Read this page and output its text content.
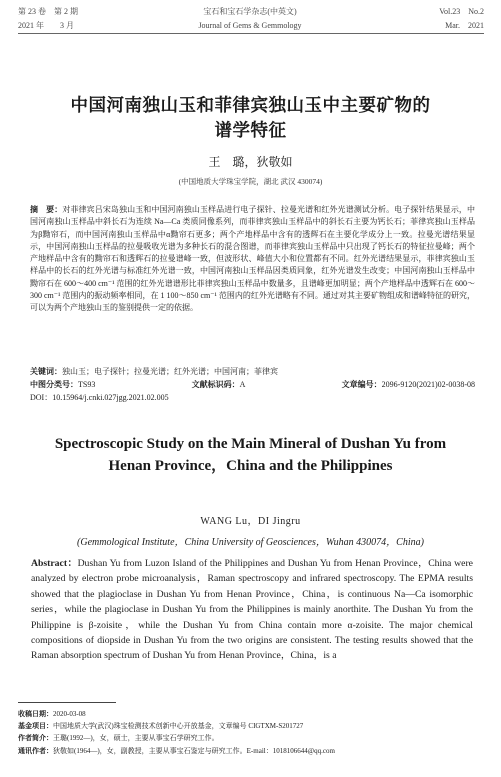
第 23 卷　第 2 期
2021 年　　3 月
宝石和宝石学杂志(中英文)
Journal of Gems & Gemmology
Vol.23　No.2
Mar.　2021
中国河南独山玉和菲律宾独山玉中主要矿物的
谱学特征
王　璐，狄敬如
(中国地质大学珠宝学院，湖北 武汉 430074)
摘　要：对菲律宾吕宋岛独山玉和中国河南独山玉样品进行电子探针、拉曼光谱和红外光谱测试分析。电子探针结果显示，中国河南独山玉样品中斜长石为连续 Na—Ca 类质同像系列，而菲律宾独山玉样品中的斜长石主要为钙长石；菲律宾独山玉样品为β黝帘石，而中国河南独山玉样品中α黝帘石更多；两个产地样品中含有的透辉石在主要化学成分上一致。拉曼光谱结果显示，中国河南独山玉样品的拉曼吸收光谱为多种长石的混合图谱，而菲律宾独山玉样品中只出现了钙长石的特征拉曼峰；两个产地样品中含有的黝帘石和透辉石的拉曼谱峰一致，但波形状、峰值大小和位置都有不同。红外光谱结果显示，菲律宾独山玉样品中的长石的红外光谱与标准红外光谱一致，中国河南独山玉样品因类质同象，红外光谱发生改变；中国河南独山玉样品中黝帘石在 600～400 cm⁻¹ 范围的红外光谱谱形比菲律宾独山玉样品中数量多，且谱峰更加明显；两个产地样品中透辉石在 600～300 cm⁻¹ 范围内的振动频率相同，在 1 100～850 cm⁻¹ 范围内的红外光谱略有不同。通过对其主要矿物组成和谱峰特征的研究，可以为两个产地独山玉的鉴别提供一定的依据。
关键词：独山玉；电子探针；拉曼光谱；红外光谱；中国河南；菲律宾
中图分类号：TS93	文献标识码：A	文章编号：2096-9120(2021)02-0038-08
DOI：10.15964/j.cnki.027jgg.2021.02.005
Spectroscopic Study on the Main Mineral of Dushan Yu from
Henan Province，China and the Philippines
WANG Lu，DI Jingru
(Gemmological Institute，China University of Geosciences，Wuhan 430074，China)
Abstract：Dushan Yu from Luzon Island of the Philippines and Dushan Yu from Henan Province，China were analyzed by electron probe microanalysis，Raman spectroscopy and infrared spectroscopy. The EPMA results showed that the plagioclase in Dushan Yu from Henan Province，China，is continuous Na—Ca isomorphic series，while the plagioclase in Dushan Yu from the Philippines is mainly anorthite. The Dushan Yu from the Philippine is β-zoisite，while the Dushan Yu from China contain more α-zoisite. The major chemical compositions of diopside in Dushan Yu from the two origins are consistent. The testing results showed that the Raman absorption spectrum of Dushan Yu from Henan Province，China，is a
收稿日期：2020-03-08
基金项目：中国地质大学(武汉)珠宝检测技术创新中心开放基金，文章编号 CIGTXM-S201727
作者简介：王璐(1992—)，女，硕士，主要从事宝石学研究工作。
通讯作者：狄敬如(1964—)，女，副教授，主要从事宝石鉴定与研究工作。E-mail：1018106644@qq.com
